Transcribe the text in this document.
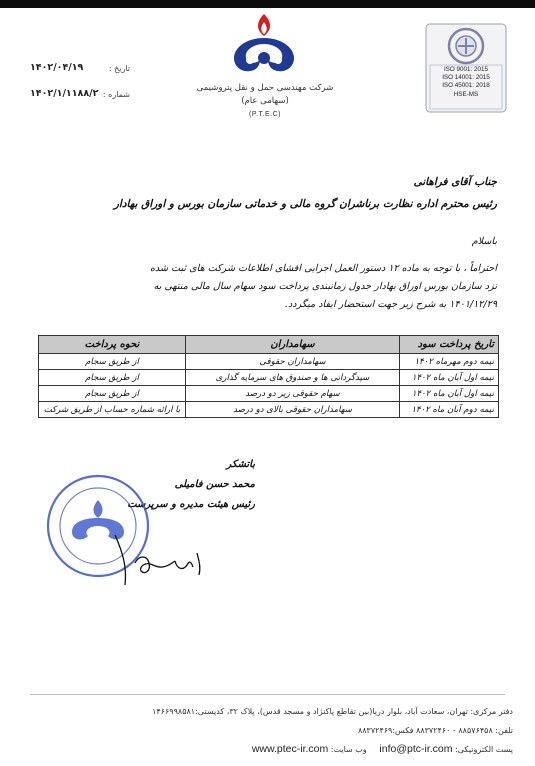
ISO 9001: 2015
ISO 14001: 2015
ISO 45001: 2018
HSE-MS
شرکت مهندسی حمل و نقل پتروشیمی
(سهامی عام)
(P.T.E.C)
: تاریخ
۱۴۰۲/۰۴/۱۹
: شماره
۱۴۰۲/۱/۱۱۸۸/۲
جناب آقای فراهانی
رئیس محترم اداره نظارت برناشران گروه مالی و خدماتی سازمان بورس و اوراق بهادار
باسلام
احتراماً ، با توجه به ماده ۱۲ دستور العمل اجرایی افشای اطلاعات شرکت های ثبت شده
نزد سازمان بورس اوراق بهادار جدول زمانبندی پرداخت سود سهام سال مالی منتهی به
۱۴۰۱/۱۲/۲۹ به شرح زیر جهت استحضار ایفاد میگردد.
تاریخ پرداخت سود	سهامداران	نحوه پرداخت
نیمه دوم مهرماه ۱۴۰۲	سهامداران حقوقی	از طریق سجام
نیمه اول آبان ماه ۱۴۰۲	سپدگردانی ها و صندوق های سرمایه گذاری	از طریق سجام
نیمه اول آبان ماه ۱۴۰۲	سهام حقوقی زیر دو درصد	از طریق سجام
نیمه دوم آبان ماه ۱۴۰۲	سهامداران حقوقی بالای دو درصد	با ارائه شماره حساب از طریق شرکت
باتشکر
محمد حسن فامیلی
رئیس هیئت مدیره و سرپرست
دفتر مرکزی: تهران، سعادت آباد، بلوار دریا(بین تقاطع پاکنژاد و مسجد قدس)، پلاک ۳۲، کدپستی:۱۴۶۶۹۹۸۵۸۱
تلفن: ۸۸۵۷۶۴۵۸ - ۸۸۳۷۲۴۶۰ فکس:۸۸۳۷۲۴۶۹
پست الکترونیکی: info@ptc-ir.com     وب سایت: www.ptec-ir.com
